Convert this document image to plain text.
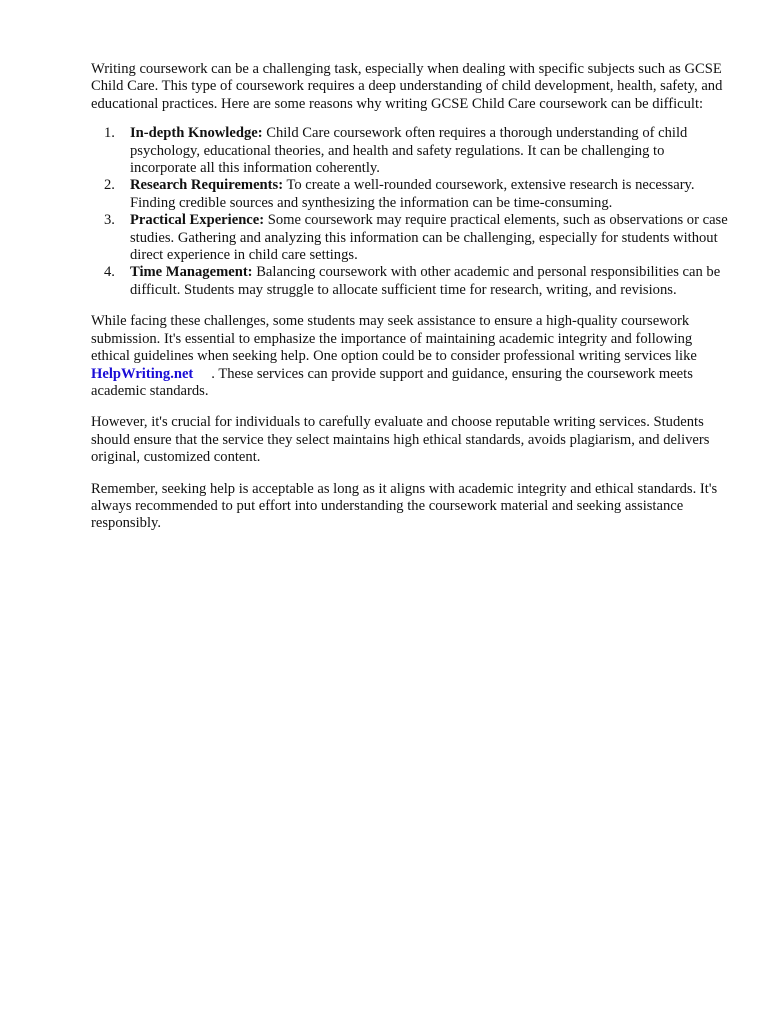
Writing coursework can be a challenging task, especially when dealing with specific subjects such as GCSE Child Care. This type of coursework requires a deep understanding of child development, health, safety, and educational practices. Here are some reasons why writing GCSE Child Care coursework can be difficult:

1. In-depth Knowledge: Child Care coursework often requires a thorough understanding of child psychology, educational theories, and health and safety regulations. It can be challenging to incorporate all this information coherently.
2. Research Requirements: To create a well-rounded coursework, extensive research is necessary. Finding credible sources and synthesizing the information can be time-consuming.
3. Practical Experience: Some coursework may require practical elements, such as observations or case studies. Gathering and analyzing this information can be challenging, especially for students without direct experience in child care settings.
4. Time Management: Balancing coursework with other academic and personal responsibilities can be difficult. Students may struggle to allocate sufficient time for research, writing, and revisions.

While facing these challenges, some students may seek assistance to ensure a high-quality coursework submission. It's essential to emphasize the importance of maintaining academic integrity and following ethical guidelines when seeking help. One option could be to consider professional writing services likeHelpWriting.net . These services can provide support and guidance, ensuring the coursework meets academic standards.

However, it's crucial for individuals to carefully evaluate and choose reputable writing services. Students should ensure that the service they select maintains high ethical standards, avoids plagiarism, and delivers original, customized content.

Remember, seeking help is acceptable as long as it aligns with academic integrity and ethical standards. It's always recommended to put effort into understanding the coursework material and seeking assistance responsibly.
